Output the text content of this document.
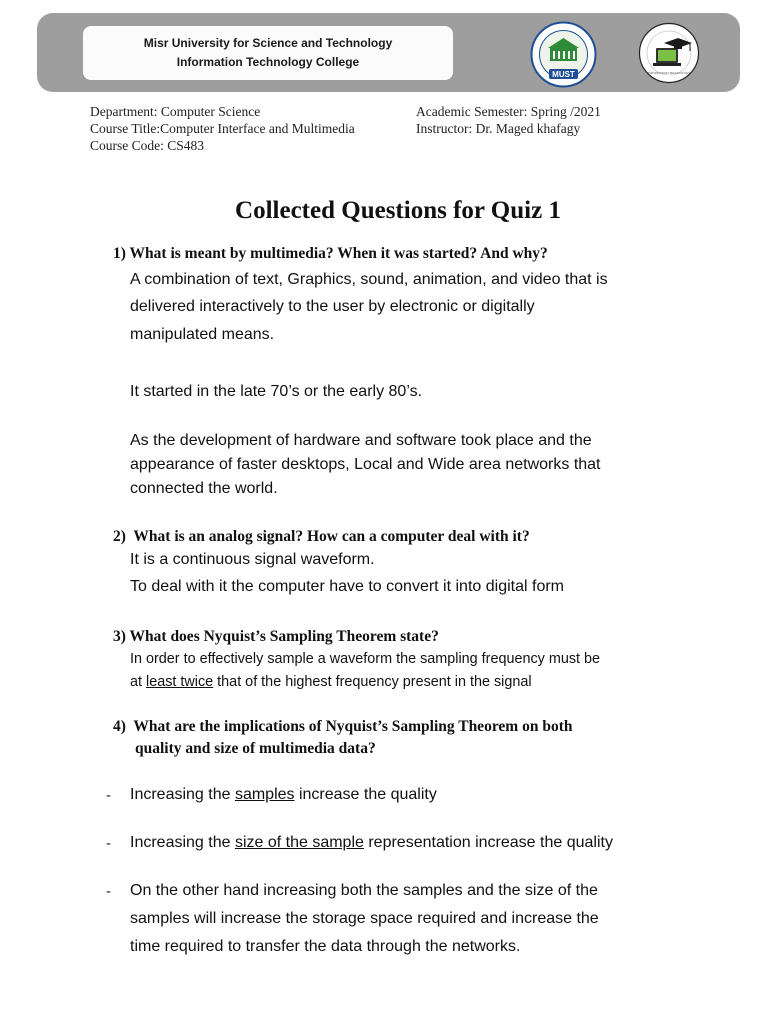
Misr University for Science and Technology
Information Technology College
MUST	INFORMATION TECHNOLOGY
Department: Computer Science
Course Title:Computer Interface and Multimedia
Course Code: CS483
Academic Semester: Spring /2021
Instructor: Dr. Maged khafagy
Collected Questions for Quiz 1
1) What is meant by multimedia? When it was started? And why?
A combination of text, Graphics, sound, animation, and video that is
delivered interactively to the user by electronic or digitally
manipulated means.
It started in the late 70’s or the early 80’s.
As the development of hardware and software took place and the
appearance of faster desktops, Local and Wide area networks that
connected the world.
2) What is an analog signal? How can a computer deal with it?
It is a continuous signal waveform.
To deal with it the computer have to convert it into digital form
3) What does Nyquist’s Sampling Theorem state?
In order to effectively sample a waveform the sampling frequency must be
at least twice that of the highest frequency present in the signal
4) What are the implications of Nyquist’s Sampling Theorem on both
quality and size of multimedia data?
- Increasing the samples increase the quality
- Increasing the size of the sample representation increase the quality
- On the other hand increasing both the samples and the size of the
samples will increase the storage space required and increase the
time required to transfer the data through the networks.
